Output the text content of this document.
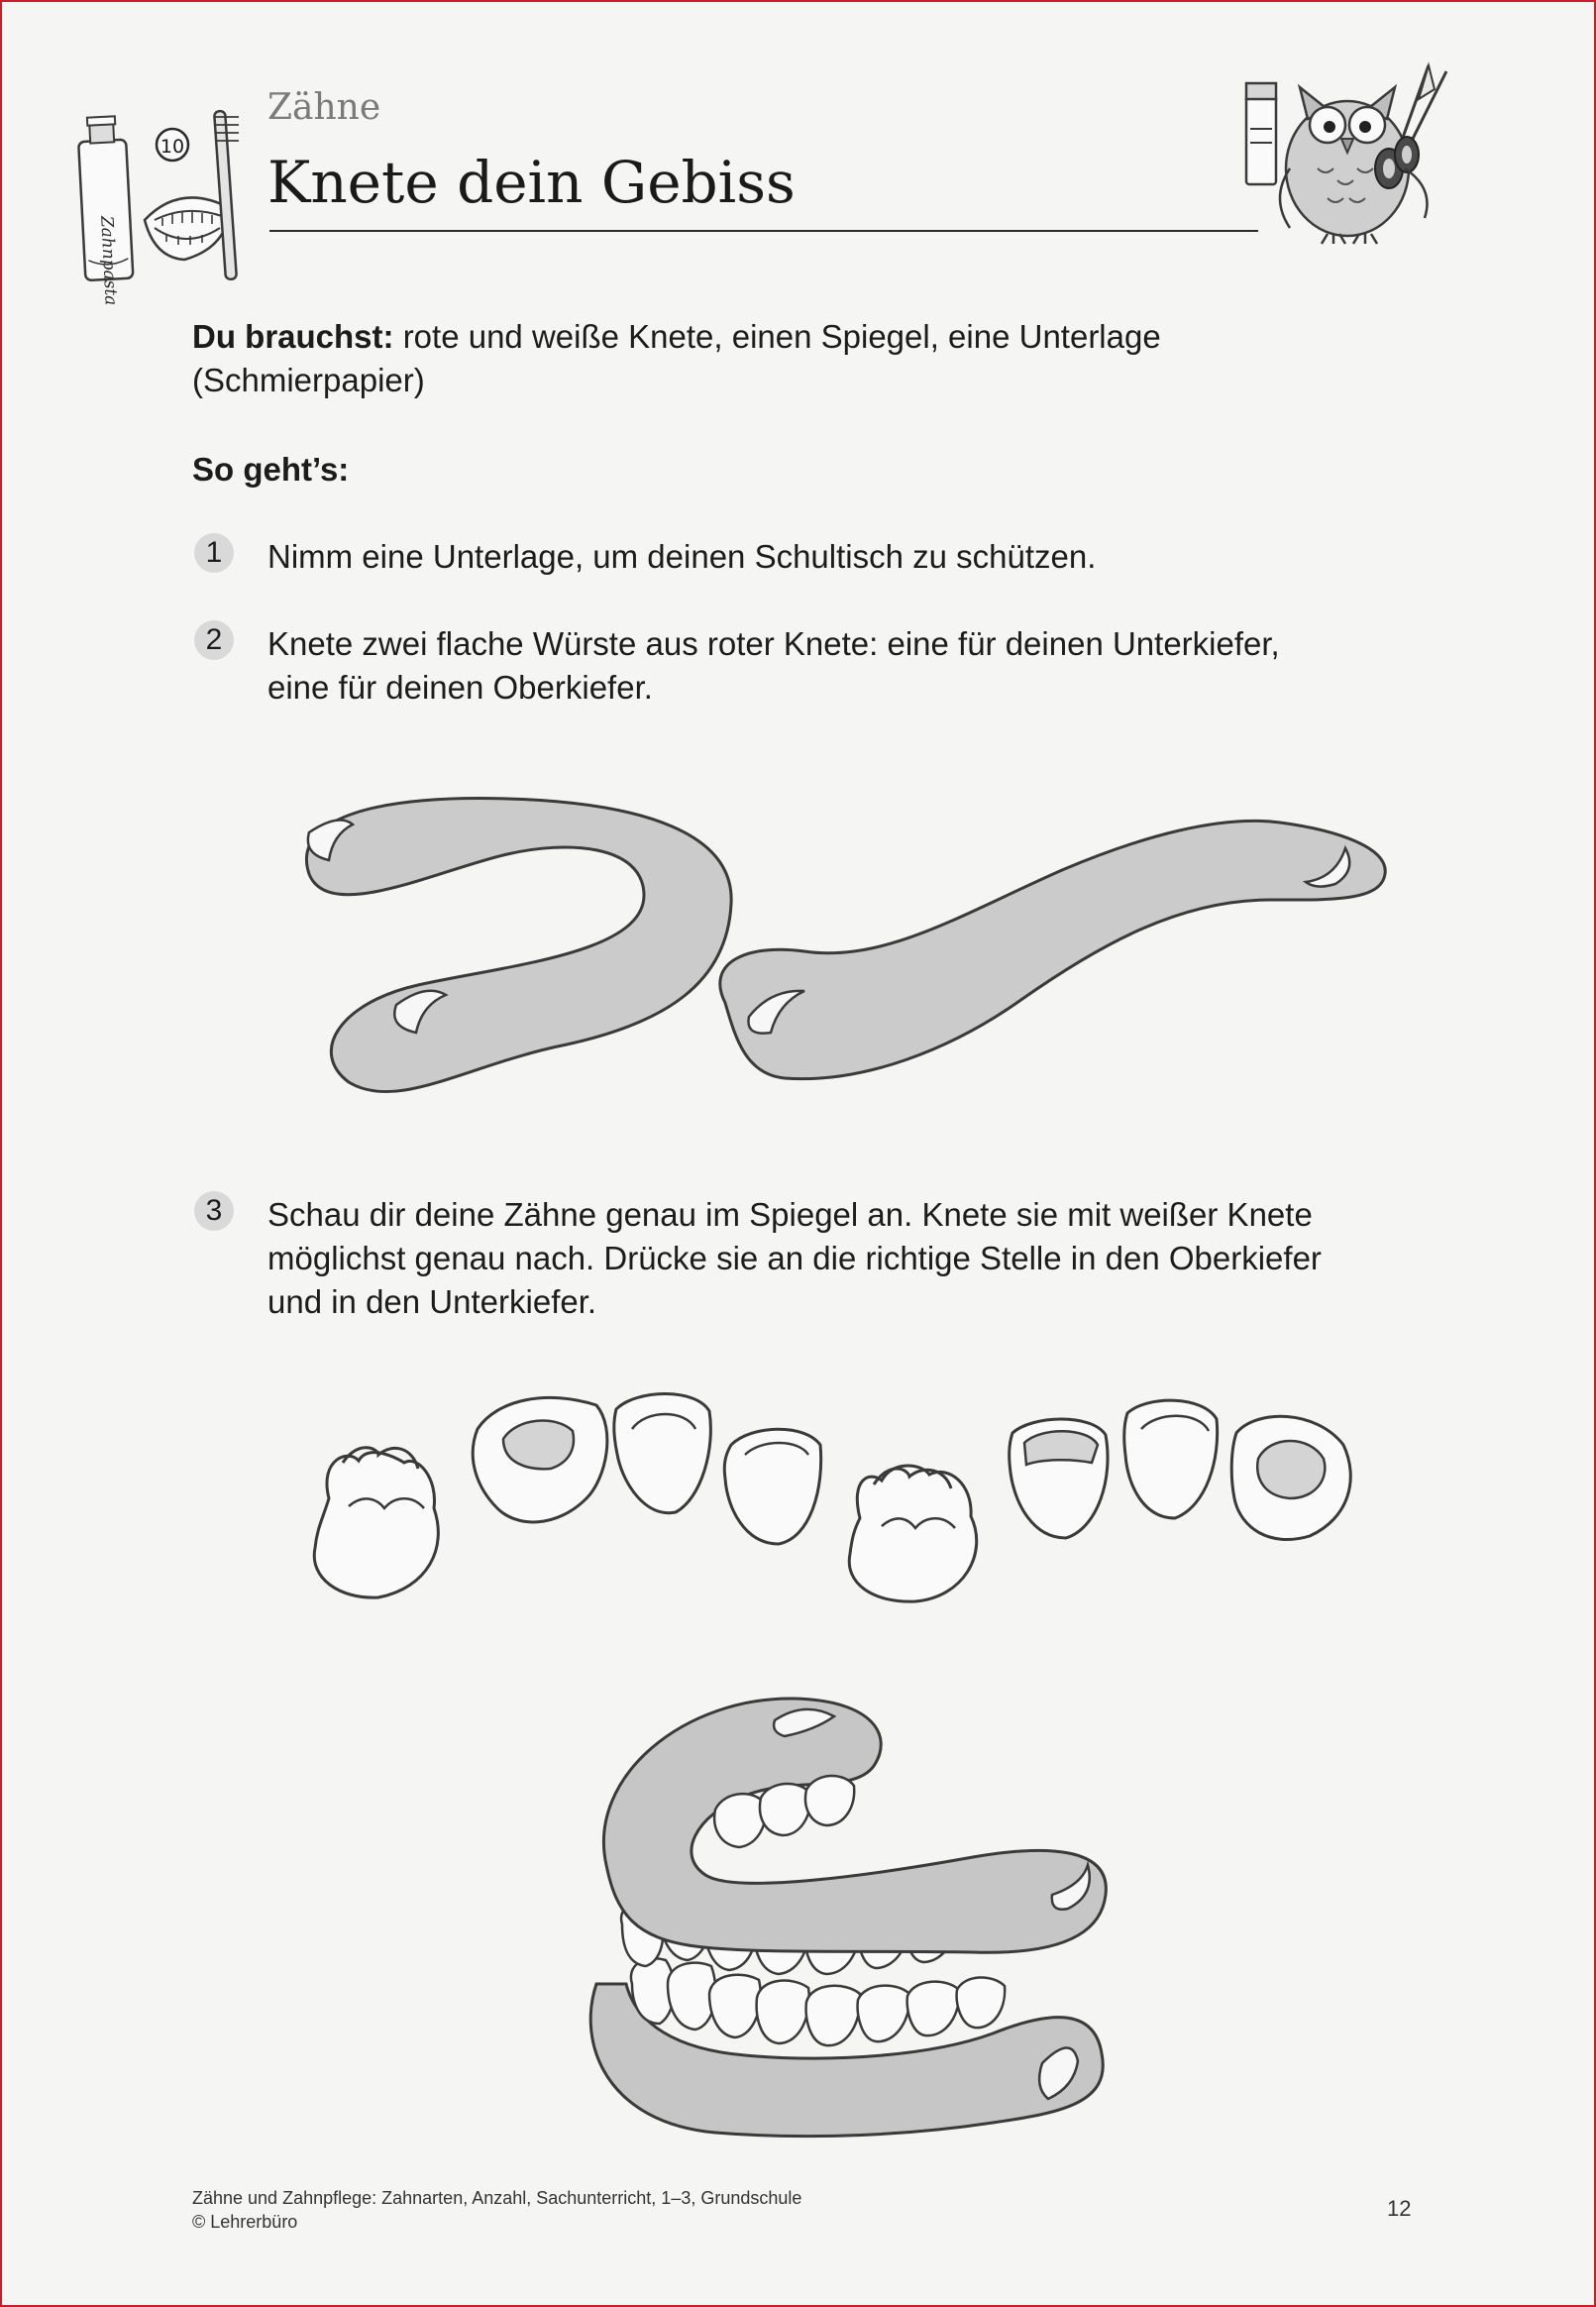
Zahnpasta
10
Zähne
Knete dein Gebiss
Du brauchst: rote und weiße Knete, einen Spiegel, eine Unterlage
(Schmierpapier)
So geht’s:
1	Nimm eine Unterlage, um deinen Schultisch zu schützen.
2	Knete zwei flache Würste aus roter Knete: eine für deinen Unterkiefer,
eine für deinen Oberkiefer.
3	Schau dir deine Zähne genau im Spiegel an. Knete sie mit weißer Knete
möglichst genau nach. Drücke sie an die richtige Stelle in den Oberkiefer
und in den Unterkiefer.
Zähne und Zahnpflege: Zahnarten, Anzahl, Sachunterricht, 1–3, Grundschule
© Lehrerbüro
12
